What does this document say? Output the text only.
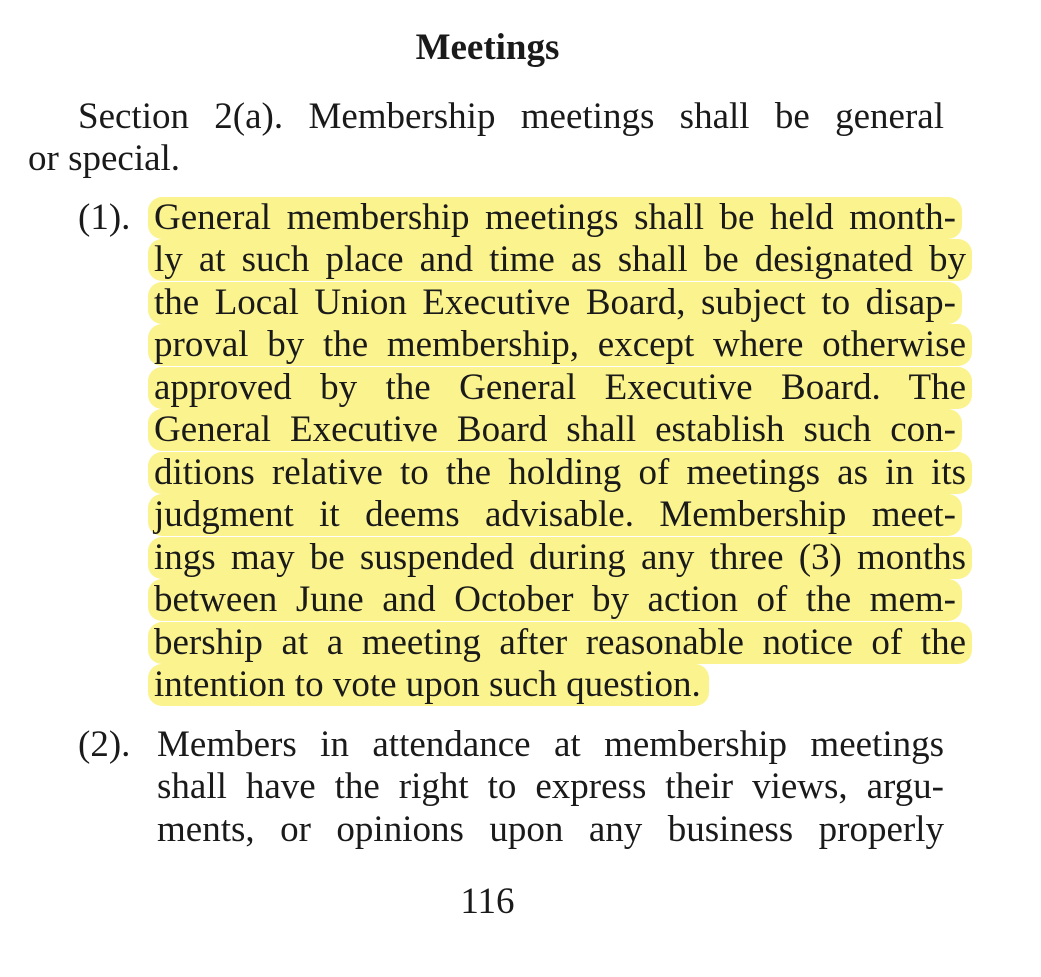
Meetings
Section 2(a). Membership meetings shall be general
or special.
(1). General membership meetings shall be held month-
ly at such place and time as shall be designated by
the Local Union Executive Board, subject to disap-
proval by the membership, except where otherwise
approved by the General Executive Board. The
General Executive Board shall establish such con-
ditions relative to the holding of meetings as in its
judgment it deems advisable. Membership meet-
ings may be suspended during any three (3) months
between June and October by action of the mem-
bership at a meeting after reasonable notice of the
intention to vote upon such question.
(2). Members in attendance at membership meetings
shall have the right to express their views, argu-
ments, or opinions upon any business properly
116
